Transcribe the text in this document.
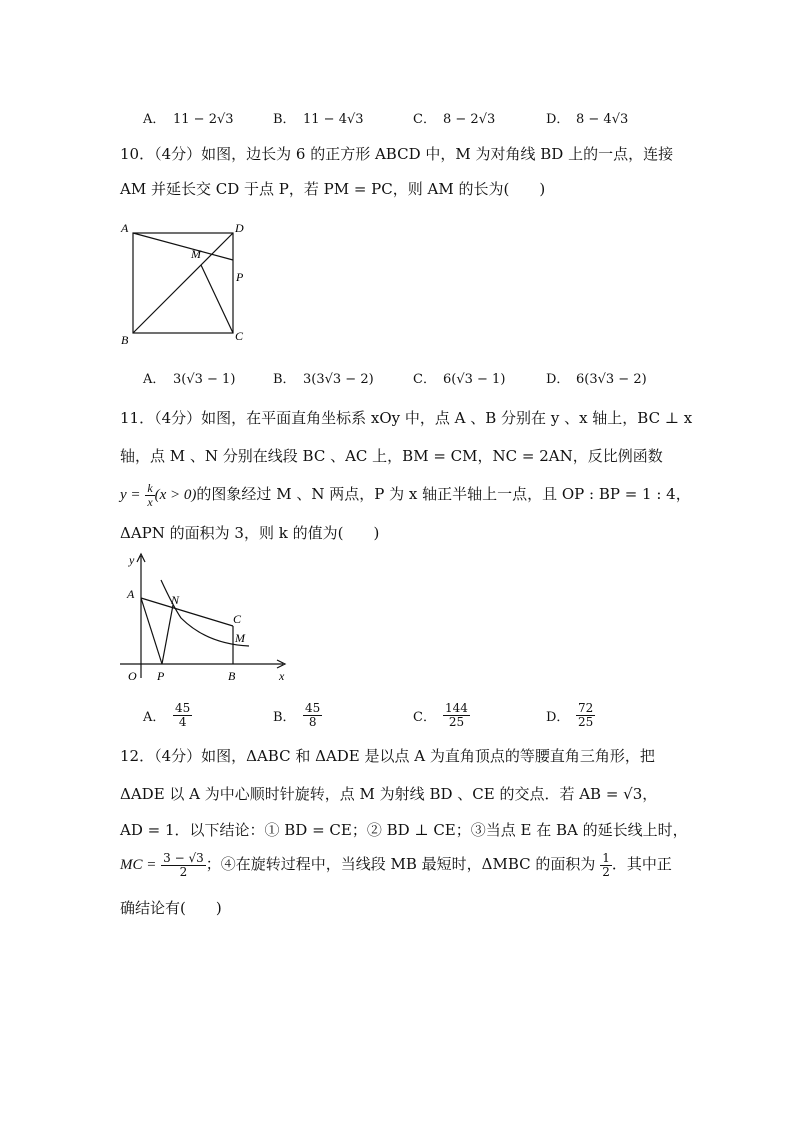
A． 11 − 2√3	B． 11 − 4√3	C． 8 − 2√3	D． 8 − 4√3
10．（4分）如图，边长为 6 的正方形 ABCD 中，M 为对角线 BD 上的一点，连接
AM 并延长交 CD 于点 P，若 PM = PC，则 AM 的长为(　　)
A	D
M
P
B	C
A． 3(√3 − 1)	B． 3(3√3 − 2)	C． 6(√3 − 1)	D． 6(3√3 − 2)
11．（4分）如图，在平面直角坐标系 xOy 中，点 A 、B 分别在 y 、x 轴上，BC ⊥ x
轴，点 M 、N 分别在线段 BC 、AC 上，BM = CM，NC = 2AN，反比例函数
$y = \frac{k}{x} (x > 0)$的图象经过 M 、N 两点，P 为 x 轴正半轴上一点，且 OP : BP = 1 : 4，
ΔAPN 的面积为 3，则 k 的值为(　　)
y
A	N
C
M
O P	B	x
A． $\frac{45}{4}$	B． $\frac{45}{8}$	C． $\frac{144}{25}$	D． $\frac{72}{25}$
12．（4分）如图，ΔABC 和 ΔADE 是以点 A 为直角顶点的等腰直角三角形，把
ΔADE 以 A 为中心顺时针旋转，点 M 为射线 BD 、CE 的交点．若 AB = √3，
AD = 1．以下结论：① BD = CE；② BD ⊥ CE；③当点 E 在 BA 的延长线上时，
MC = $\frac{3 - √3}{2}$ ；④在旋转过程中，当线段 MB 最短时，ΔMBC 的面积为 $\frac{1}{2}$ ．其中正
确结论有(　　)
